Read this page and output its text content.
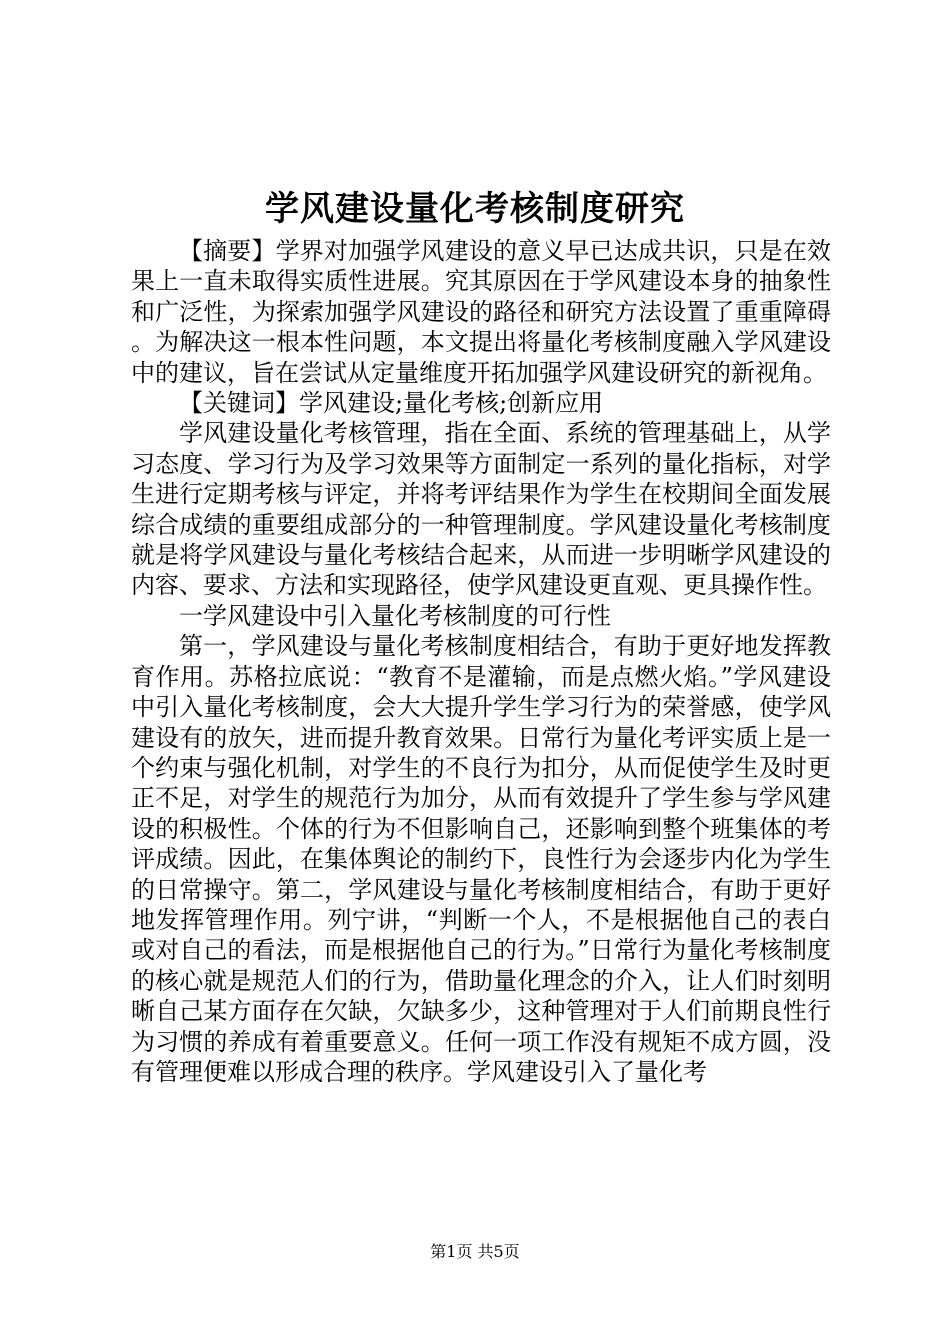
学风建设量化考核制度研究

【摘要】学界对加强学风建设的意义早已达成共识，只是在效果上一直未取得实质性进展。究其原因在于学风建设本身的抽象性和广泛性，为探索加强学风建设的路径和研究方法设置了重重障碍。为解决这一根本性问题，本文提出将量化考核制度融入学风建设中的建议，旨在尝试从定量维度开拓加强学风建设研究的新视角。

【关键词】学风建设;量化考核;创新应用

学风建设量化考核管理，指在全面、系统的管理基础上，从学习态度、学习行为及学习效果等方面制定一系列的量化指标，对学生进行定期考核与评定，并将考评结果作为学生在校期间全面发展综合成绩的重要组成部分的一种管理制度。学风建设量化考核制度就是将学风建设与量化考核结合起来，从而进一步明晰学风建设的内容、要求、方法和实现路径，使学风建设更直观、更具操作性。

一学风建设中引入量化考核制度的可行性

第一，学风建设与量化考核制度相结合，有助于更好地发挥教育作用。苏格拉底说：“教育不是灌输，而是点燃火焰。”学风建设中引入量化考核制度，会大大提升学生学习行为的荣誉感，使学风建设有的放矢，进而提升教育效果。日常行为量化考评实质上是一个约束与强化机制，对学生的不良行为扣分，从而促使学生及时更正不足，对学生的规范行为加分，从而有效提升了学生参与学风建设的积极性。个体的行为不但影响自己，还影响到整个班集体的考评成绩。因此，在集体舆论的制约下，良性行为会逐步内化为学生的日常操守。第二，学风建设与量化考核制度相结合，有助于更好地发挥管理作用。列宁讲，“判断一个人，不是根据他自己的表白或对自己的看法，而是根据他自己的行为。”日常行为量化考核制度的核心就是规范人们的行为，借助量化理念的介入，让人们时刻明晰自己某方面存在欠缺，欠缺多少，这种管理对于人们前期良性行为习惯的养成有着重要意义。任何一项工作没有规矩不成方圆，没有管理便难以形成合理的秩序。学风建设引入了量化考

第1页 共5页
